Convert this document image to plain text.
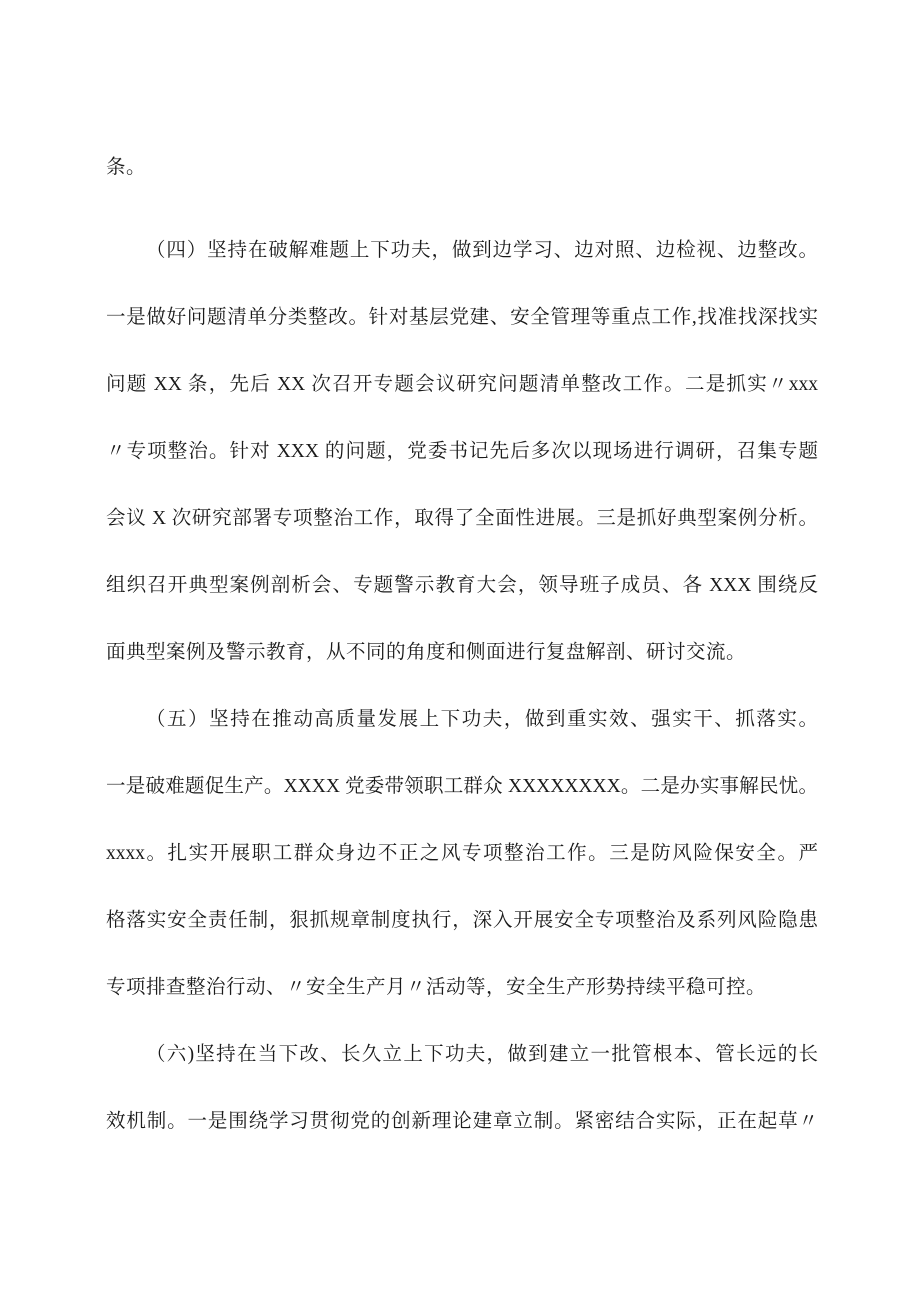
条。
（四）坚持在破解难题上下功夫，做到边学习、边对照、边检视、边整改。
一是做好问题清单分类整改。针对基层党建、安全管理等重点工作,找准找深找实
问题 XX 条，先后 XX 次召开专题会议研究问题清单整改工作。二是抓实〃xxx
〃专项整治。针对 XXX 的问题，党委书记先后多次以现场进行调研，召集专题
会议 X 次研究部署专项整治工作，取得了全面性进展。三是抓好典型案例分析。
组织召开典型案例剖析会、专题警示教育大会，领导班子成员、各 XXX 围绕反
面典型案例及警示教育，从不同的角度和侧面进行复盘解剖、研讨交流。
（五）坚持在推动高质量发展上下功夫，做到重实效、强实干、抓落实。
一是破难题促生产。XXXX 党委带领职工群众 XXXXXXXX。二是办实事解民忧。
xxxx。扎实开展职工群众身边不正之风专项整治工作。三是防风险保安全。严
格落实安全责任制，狠抓规章制度执行，深入开展安全专项整治及系列风险隐患
专项排查整治行动、〃安全生产月〃活动等，安全生产形势持续平稳可控。
（六)坚持在当下改、长久立上下功夫，做到建立一批管根本、管长远的长
效机制。一是围绕学习贯彻党的创新理论建章立制。紧密结合实际，正在起草〃
